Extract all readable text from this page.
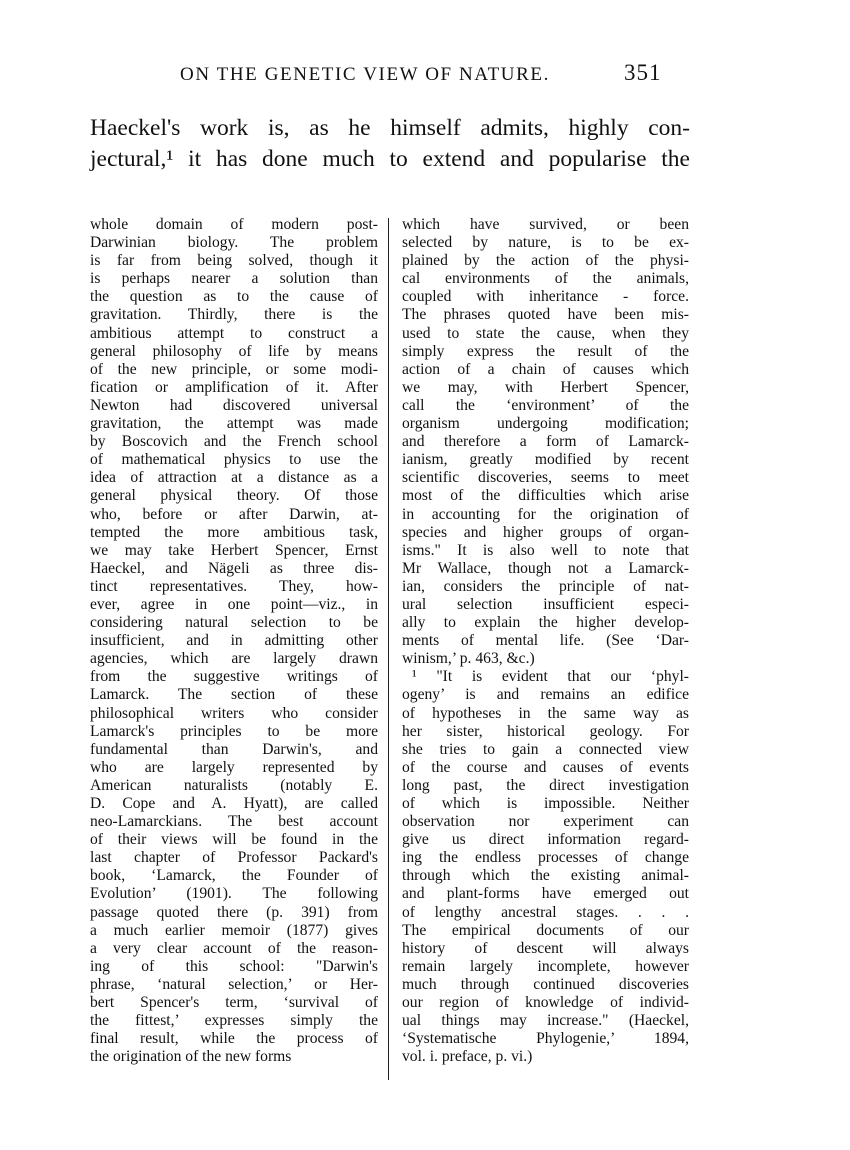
ON THE GENETIC VIEW OF NATURE.	351
Haeckel's work is, as he himself admits, highly con-
jectural,¹ it has done much to extend and popularise the
whole domain of modern post-
Darwinian biology. The problem
is far from being solved, though it
is perhaps nearer a solution than
the question as to the cause of
gravitation. Thirdly, there is the
ambitious attempt to construct a
general philosophy of life by means
of the new principle, or some modi-
fication or amplification of it. After
Newton had discovered universal
gravitation, the attempt was made
by Boscovich and the French school
of mathematical physics to use the
idea of attraction at a distance as a
general physical theory. Of those
who, before or after Darwin, at-
tempted the more ambitious task,
we may take Herbert Spencer, Ernst
Haeckel, and Nägeli as three dis-
tinct representatives. They, how-
ever, agree in one point—viz., in
considering natural selection to be
insufficient, and in admitting other
agencies, which are largely drawn
from the suggestive writings of
Lamarck. The section of these
philosophical writers who consider
Lamarck's principles to be more
fundamental than Darwin's, and
who are largely represented by
American naturalists (notably E.
D. Cope and A. Hyatt), are called
neo-Lamarckians. The best account
of their views will be found in the
last chapter of Professor Packard's
book, ‘Lamarck, the Founder of
Evolution’ (1901). The following
passage quoted there (p. 391) from
a much earlier memoir (1877) gives
a very clear account of the reason-
ing of this school: "Darwin's
phrase, ‘natural selection,’ or Her-
bert Spencer's term, ‘survival of
the fittest,’ expresses simply the
final result, while the process of
the origination of the new forms
which have survived, or been
selected by nature, is to be ex-
plained by the action of the physi-
cal environments of the animals,
coupled with inheritance - force.
The phrases quoted have been mis-
used to state the cause, when they
simply express the result of the
action of a chain of causes which
we may, with Herbert Spencer,
call the ‘environment’ of the
organism undergoing modification;
and therefore a form of Lamarck-
ianism, greatly modified by recent
scientific discoveries, seems to meet
most of the difficulties which arise
in accounting for the origination of
species and higher groups of organ-
isms." It is also well to note that
Mr Wallace, though not a Lamarck-
ian, considers the principle of nat-
ural selection insufficient especi-
ally to explain the higher develop-
ments of mental life. (See ‘Dar-
winism,’ p. 463, &c.)
¹ "It is evident that our ‘phyl-
ogeny’ is and remains an edifice
of hypotheses in the same way as
her sister, historical geology. For
she tries to gain a connected view
of the course and causes of events
long past, the direct investigation
of which is impossible. Neither
observation nor experiment can
give us direct information regard-
ing the endless processes of change
through which the existing animal-
and plant-forms have emerged out
of lengthy ancestral stages. . . .
The empirical documents of our
history of descent will always
remain largely incomplete, however
much through continued discoveries
our region of knowledge of individ-
ual things may increase." (Haeckel,
‘Systematische Phylogenie,’ 1894,
vol. i. preface, p. vi.)
